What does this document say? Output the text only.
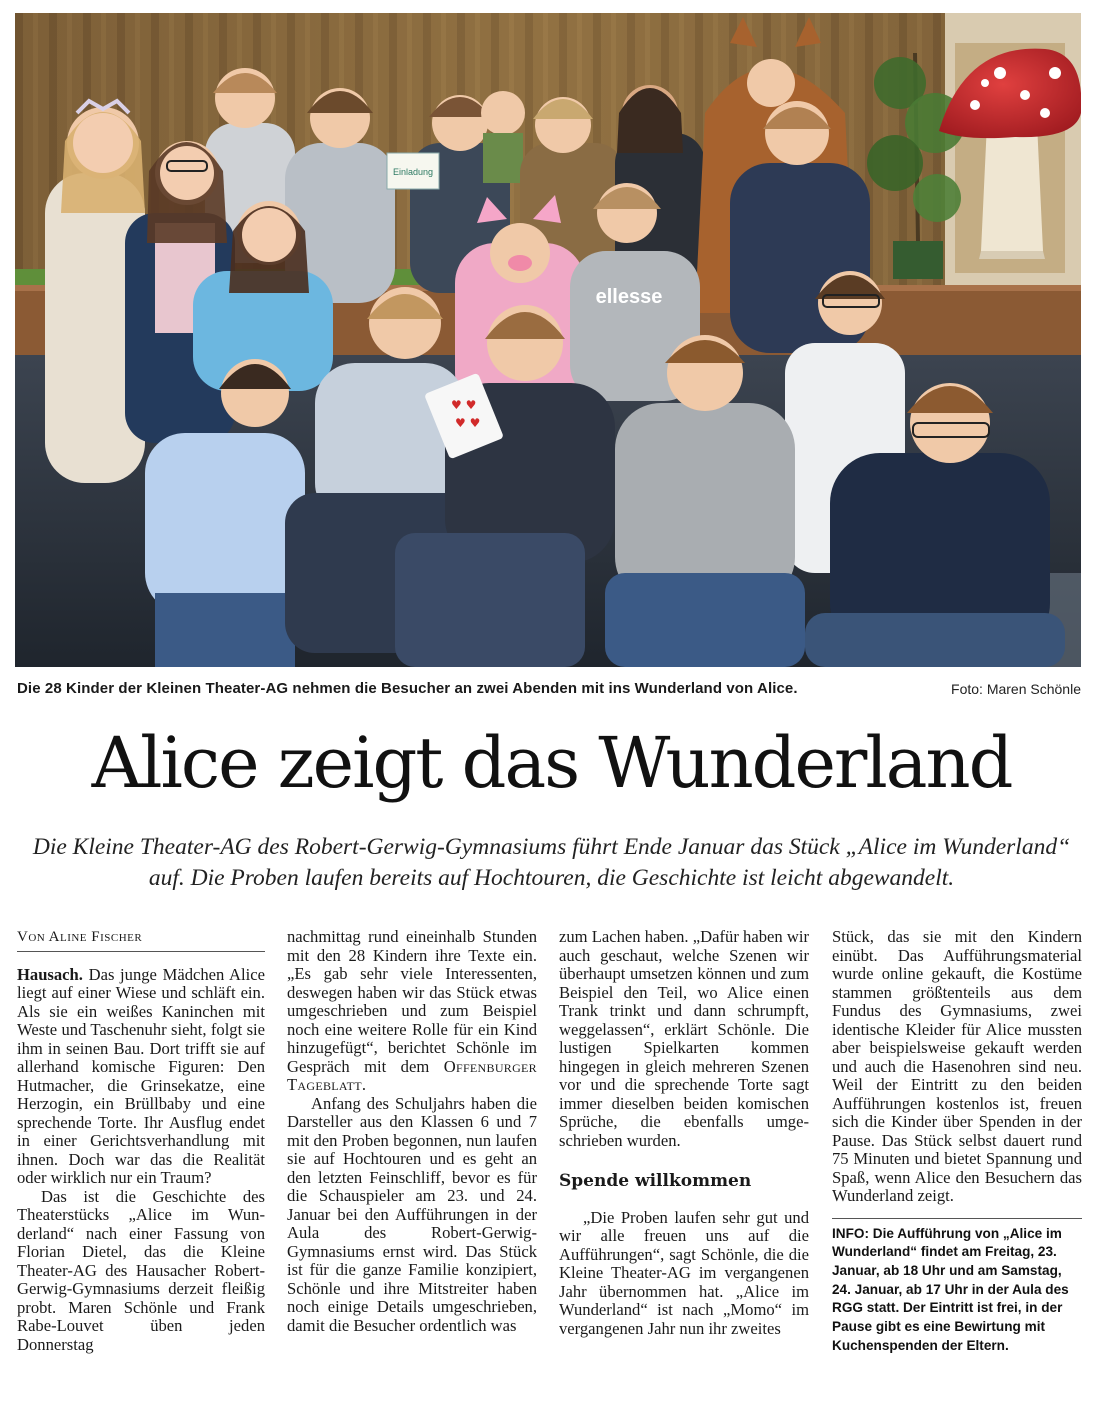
Einladung
ellesse
♥ ♥
♥ ♥
Die 28 Kinder der Kleinen Theater-AG nehmen die Besucher an zwei Abenden mit ins Wunderland von Alice.	Foto: Maren Schönle
Alice zeigt das Wunderland

Die Kleine Theater-AG des Robert-Gerwig-Gymnasiums führt Ende Januar das Stück „Alice im Wunderland“ auf. Die Proben laufen bereits auf Hochtouren, die Geschichte ist leicht abgewandelt.

Von Aline Fischer

Hausach. Das junge Mädchen Alice liegt auf einer Wiese und schläft ein. Als sie ein weißes Kaninchen mit Weste und Taschenuhr sieht, folgt sie ihm in seinen Bau. Dort trifft sie auf allerhand komische Figuren: Den Hutmacher, die Grinsekatze, eine Herzogin, ein Brüllbaby und eine sprechende Torte. Ihr Ausflug endet in einer Gerichtsverhandlung mit ihnen. Doch war das die Realität oder wirklich nur ein Traum?

Das ist die Geschichte des Theaterstücks „Alice im Wunderland“ nach einer Fassung von Florian Dietel, das die Kleine Theater-AG des Hausacher Robert-Gerwig-Gymnasiums derzeit fleißig probt. Maren Schönle und Frank Rabe-Louvet üben jeden Donnerstag

nachmittag rund eineinhalb Stunden mit den 28 Kindern ihre Texte ein. „Es gab sehr viele Interessenten, deswegen haben wir das Stück etwas umgeschrieben und zum Beispiel noch eine weitere Rolle für ein Kind hinzugefügt“, berichtet Schönle im Gespräch mit dem Offenburger Tageblatt.

Anfang des Schuljahrs haben die Darsteller aus den Klassen 6 und 7 mit den Proben begonnen, nun laufen sie auf Hochtouren und es geht an den letzten Feinschliff, bevor es für die Schauspieler am 23. und 24. Januar bei den Aufführungen in der Aula des Robert-Gerwig-Gymnasiums ernst wird. Das Stück ist für die ganze Familie konzipiert, Schönle und ihre Mitstreiter haben noch einige Details umgeschrieben, damit die Besucher ordentlich was

zum Lachen haben. „Dafür haben wir auch geschaut, welche Szenen wir überhaupt umsetzen können und zum Beispiel den Teil, wo Alice einen Trank trinkt und dann schrumpft, weggelassen“, erklärt Schönle. Die lustigen Spielkarten kommen hingegen in gleich mehreren Szenen vor und die sprechende Torte sagt immer dieselben beiden komischen Sprüche, die ebenfalls umgeschrieben wurden.

Spende willkommen

„Die Proben laufen sehr gut und wir alle freuen uns auf die Aufführungen“, sagt Schönle, die die Kleine Theater-AG im vergangenen Jahr übernommen hat. „Alice im Wunderland“ ist nach „Momo“ im vergangenen Jahr nun ihr zweites

Stück, das sie mit den Kindern einübt. Das Aufführungsmaterial wurde online gekauft, die Kostüme stammen größtenteils aus dem Fundus des Gymnasiums, zwei identische Kleider für Alice mussten aber beispielsweise gekauft werden und auch die Hasenohren sind neu. Weil der Eintritt zu den beiden Aufführungen kostenlos ist, freuen sich die Kinder über Spenden in der Pause. Das Stück selbst dauert rund 75 Minuten und bietet Spannung und Spaß, wenn Alice den Besuchern das Wunderland zeigt.

INFO: Die Aufführung von „Alice im Wunderland“ findet am Freitag, 23. Januar, ab 18 Uhr und am Samstag, 24. Januar, ab 17 Uhr in der Aula des RGG statt. Der Eintritt ist frei, in der Pause gibt es eine Bewirtung mit Kuchenspenden der Eltern.
